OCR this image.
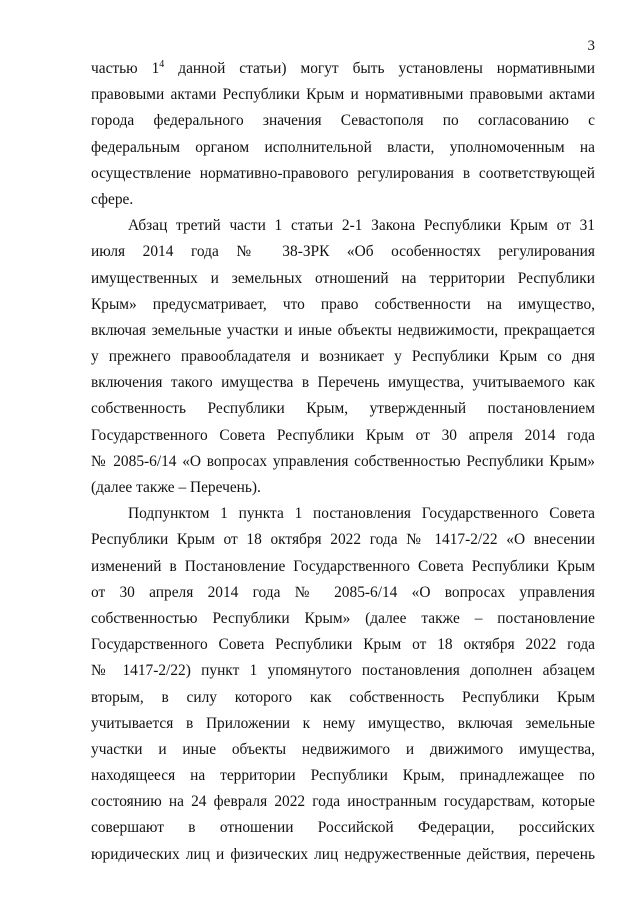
3
частью $1^4$ данной статьи) могут быть установлены нормативными
правовыми актами Республики Крым и нормативными правовыми актами
города федерального значения Севастополя по согласованию с
федеральным органом исполнительной власти, уполномоченным на
осуществление нормативно-правового регулирования в соответствующей
сфере.
Абзац третий части 1 статьи 2-1 Закона Республики Крым от 31
июля 2014 года № 38-ЗРК «Об особенностях регулирования
имущественных и земельных отношений на территории Республики
Крым» предусматривает, что право собственности на имущество,
включая земельные участки и иные объекты недвижимости, прекращается
у прежнего правообладателя и возникает у Республики Крым со дня
включения такого имущества в Перечень имущества, учитываемого как
собственность Республики Крым, утвержденный постановлением
Государственного Совета Республики Крым от 30 апреля 2014 года
№ 2085-6/14 «О вопросах управления собственностью Республики Крым»
(далее также – Перечень).
Подпунктом 1 пункта 1 постановления Государственного Совета
Республики Крым от 18 октября 2022 года № 1417-2/22 «О внесении
изменений в Постановление Государственного Совета Республики Крым
от 30 апреля 2014 года № 2085-6/14 «О вопросах управления
собственностью Республики Крым» (далее также – постановление
Государственного Совета Республики Крым от 18 октября 2022 года
№ 1417-2/22) пункт 1 упомянутого постановления дополнен абзацем
вторым, в силу которого как собственность Республики Крым
учитывается в Приложении к нему имущество, включая земельные
участки и иные объекты недвижимого и движимого имущества,
находящееся на территории Республики Крым, принадлежащее по
состоянию на 24 февраля 2022 года иностранным государствам, которые
совершают в отношении Российской Федерации, российских
юридических лиц и физических лиц недружественные действия, перечень
